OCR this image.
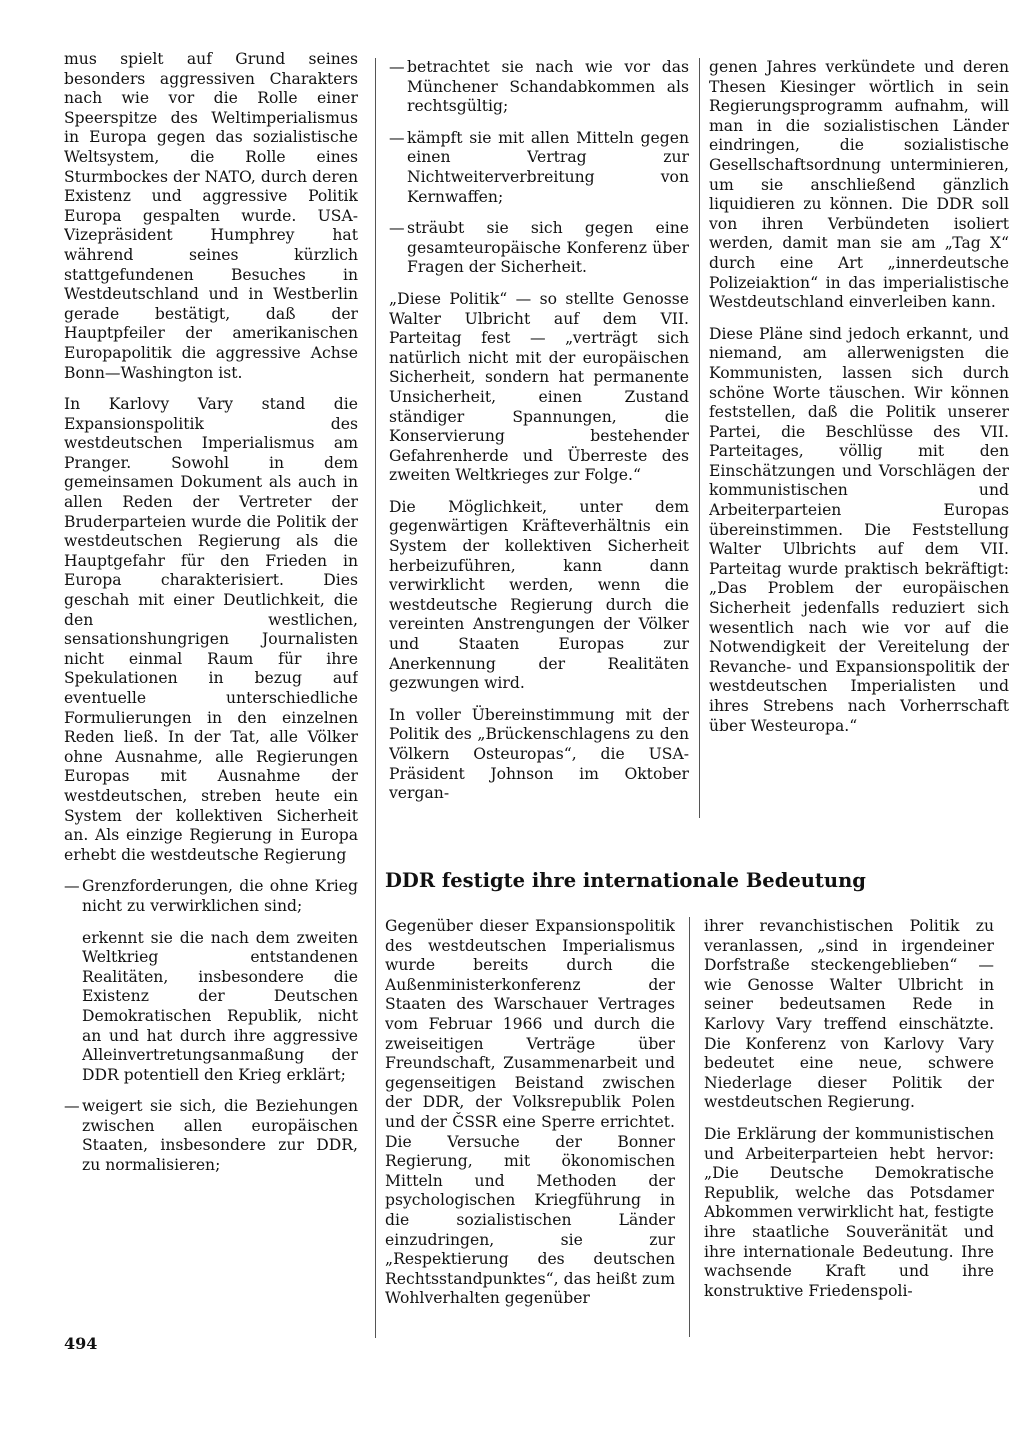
mus spielt auf Grund seines besonders aggressiven Charakters nach wie vor die Rolle einer Speerspitze des Weltimperialismus in Europa gegen das sozialistische Weltsystem, die Rolle eines Sturmbockes der NATO, durch deren Existenz und aggressive Politik Europa gespalten wurde. USA-Vizepräsident Humphrey hat während seines kürzlich stattgefundenen Besuches in Westdeutschland und in Westberlin gerade bestätigt, daß der Hauptpfeiler der amerikanischen Europapolitik die aggressive Achse Bonn—Washington ist.
In Karlovy Vary stand die Expansionspolitik des westdeutschen Imperialismus am Pranger. Sowohl in dem gemeinsamen Dokument als auch in allen Reden der Vertreter der Bruderparteien wurde die Politik der westdeutschen Regierung als die Hauptgefahr für den Frieden in Europa charakterisiert. Dies geschah mit einer Deutlichkeit, die den westlichen, sensationshungrigen Journalisten nicht einmal Raum für ihre Spekulationen in bezug auf eventuelle unterschiedliche Formulierungen in den einzelnen Reden ließ. In der Tat, alle Völker ohne Ausnahme, alle Regierungen Europas mit Ausnahme der westdeutschen, streben heute ein System der kollektiven Sicherheit an. Als einzige Regierung in Europa erhebt die westdeutsche Regierung
— Grenzforderungen, die ohne Krieg nicht zu verwirklichen sind;
erkennt sie die nach dem zweiten Weltkrieg entstandenen Realitäten, insbesondere die Existenz der Deutschen Demokratischen Republik, nicht an und hat durch ihre aggressive Alleinvertretungsanmaßung der DDR potentiell den Krieg erklärt;
— weigert sie sich, die Beziehungen zwischen allen europäischen Staaten, insbesondere zur DDR, zu normalisieren;
— betrachtet sie nach wie vor das Münchener Schandabkommen als rechtsgültig;
— kämpft sie mit allen Mitteln gegen einen Vertrag zur Nichtweiterverbreitung von Kernwaffen;
— sträubt sie sich gegen eine gesamteuropäische Konferenz über Fragen der Sicherheit.
„Diese Politik“ — so stellte Genosse Walter Ulbricht auf dem VII. Parteitag fest — „verträgt sich natürlich nicht mit der europäischen Sicherheit, sondern hat permanente Unsicherheit, einen Zustand ständiger Spannungen, die Konservierung bestehender Gefahrenherde und Überreste des zweiten Weltkrieges zur Folge.“
Die Möglichkeit, unter dem gegenwärtigen Kräfteverhältnis ein System der kollektiven Sicherheit herbeizuführen, kann dann verwirklicht werden, wenn die westdeutsche Regierung durch die vereinten Anstrengungen der Völker und Staaten Europas zur Anerkennung der Realitäten gezwungen wird.
In voller Übereinstimmung mit der Politik des „Brückenschlagens zu den Völkern Osteuropas“, die USA-Präsident Johnson im Oktober vergan-
genen Jahres verkündete und deren Thesen Kiesinger wörtlich in sein Regierungsprogramm aufnahm, will man in die sozialistischen Länder eindringen, die sozialistische Gesellschaftsordnung unterminieren, um sie anschließend gänzlich liquidieren zu können. Die DDR soll von ihren Verbündeten isoliert werden, damit man sie am „Tag X“ durch eine Art „innerdeutsche Polizeiaktion“ in das imperialistische Westdeutschland einverleiben kann.
Diese Pläne sind jedoch erkannt, und niemand, am allerwenigsten die Kommunisten, lassen sich durch schöne Worte täuschen. Wir können feststellen, daß die Politik unserer Partei, die Beschlüsse des VII. Parteitages, völlig mit den Einschätzungen und Vorschlägen der kommunistischen und Arbeiterparteien Europas übereinstimmen. Die Feststellung Walter Ulbrichts auf dem VII. Parteitag wurde praktisch bekräftigt: „Das Problem der europäischen Sicherheit jedenfalls reduziert sich wesentlich nach wie vor auf die Notwendigkeit der Vereitelung der Revanche- und Expansionspolitik der westdeutschen Imperialisten und ihres Strebens nach Vorherrschaft über Westeuropa.“
DDR festigte ihre internationale Bedeutung
Gegenüber dieser Expansionspolitik des westdeutschen Imperialismus wurde bereits durch die Außenministerkonferenz der Staaten des Warschauer Vertrages vom Februar 1966 und durch die zweiseitigen Verträge über Freundschaft, Zusammenarbeit und gegenseitigen Beistand zwischen der DDR, der Volksrepublik Polen und der ČSSR eine Sperre errichtet. Die Versuche der Bonner Regierung, mit ökonomischen Mitteln und Methoden der psychologischen Kriegführung in die sozialistischen Länder einzudringen, sie zur „Respektierung des deutschen Rechtsstandpunktes“, das heißt zum Wohlverhalten gegenüber
ihrer revanchistischen Politik zu veranlassen, „sind in irgendeiner Dorfstraße steckengeblieben“ — wie Genosse Walter Ulbricht in seiner bedeutsamen Rede in Karlovy Vary treffend einschätzte. Die Konferenz von Karlovy Vary bedeutet eine neue, schwere Niederlage dieser Politik der westdeutschen Regierung.
Die Erklärung der kommunistischen und Arbeiterparteien hebt hervor: „Die Deutsche Demokratische Republik, welche das Potsdamer Abkommen verwirklicht hat, festigte ihre staatliche Souveränität und ihre internationale Bedeutung. Ihre wachsende Kraft und ihre konstruktive Friedenspoli-
494
